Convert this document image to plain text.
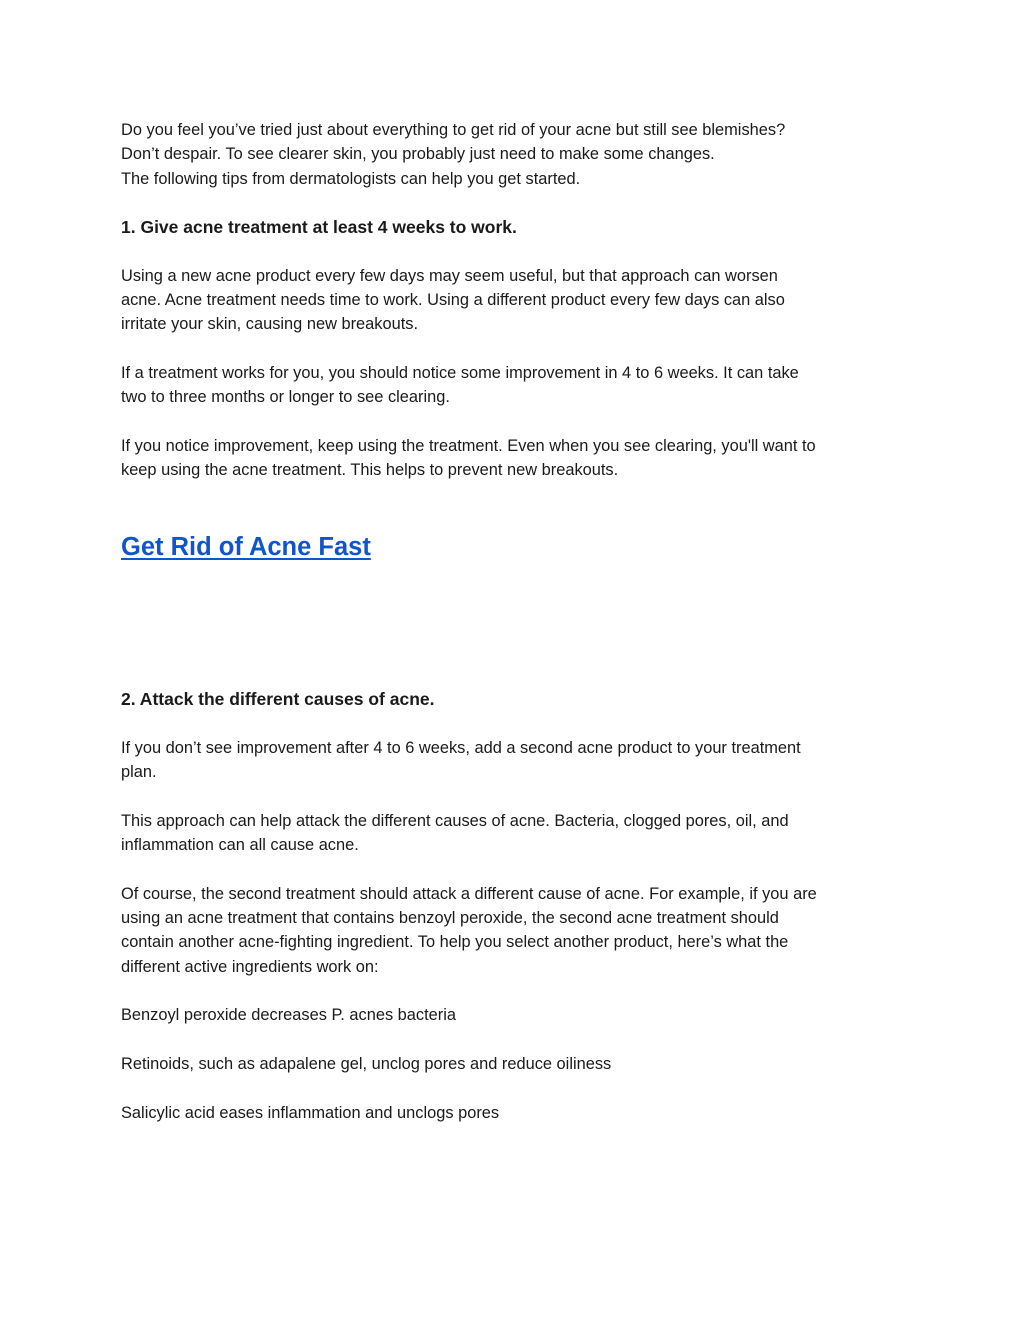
Do you feel you’ve tried just about everything to get rid of your acne but still see blemishes?
Don’t despair. To see clearer skin, you probably just need to make some changes.
The following tips from dermatologists can help you get started.

1. Give acne treatment at least 4 weeks to work.

Using a new acne product every few days may seem useful, but that approach can worsen
acne. Acne treatment needs time to work. Using a different product every few days can also
irritate your skin, causing new breakouts.

If a treatment works for you, you should notice some improvement in 4 to 6 weeks. It can take
two to three months or longer to see clearing.

If you notice improvement, keep using the treatment. Even when you see clearing, you'll want to
keep using the acne treatment. This helps to prevent new breakouts.

Get Rid of Acne Fast
2. Attack the different causes of acne.

If you don’t see improvement after 4 to 6 weeks, add a second acne product to your treatment
plan.

This approach can help attack the different causes of acne. Bacteria, clogged pores, oil, and
inflammation can all cause acne.

Of course, the second treatment should attack a different cause of acne. For example, if you are
using an acne treatment that contains benzoyl peroxide, the second acne treatment should
contain another acne-fighting ingredient. To help you select another product, here’s what the
different active ingredients work on:

Benzoyl peroxide decreases P. acnes bacteria

Retinoids, such as adapalene gel, unclog pores and reduce oiliness

Salicylic acid eases inflammation and unclogs pores
